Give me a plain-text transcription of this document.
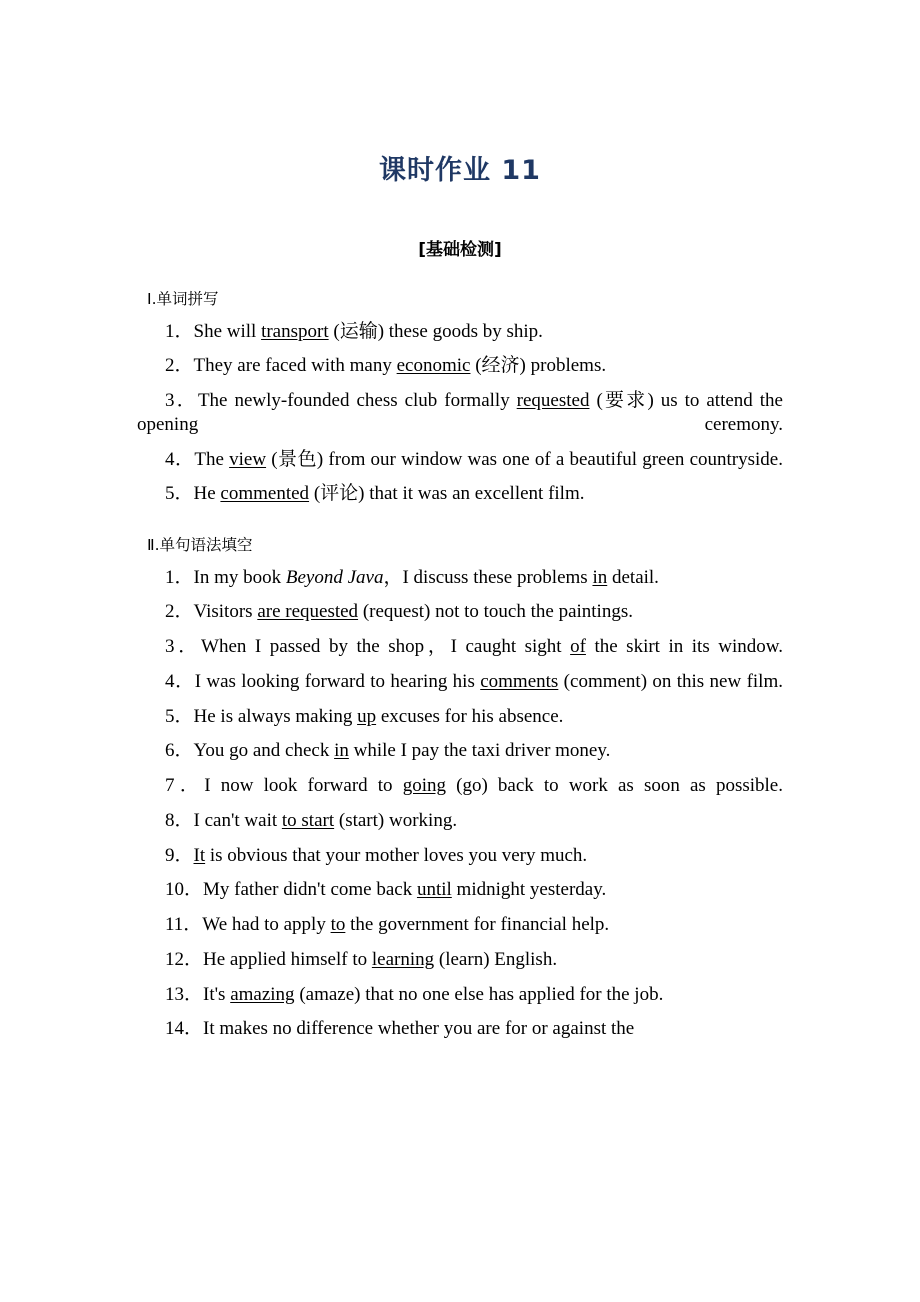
课时作业 11
[基础检测]
Ⅰ.单词拼写
1．She will transport (运输) these goods by ship.
2．They are faced with many economic (经济) problems.
3．The newly-founded chess club formally requested (要求) us to attend the opening ceremony.
4．The view (景色) from our window was one of a beautiful green countryside.
5．He commented (评论) that it was an excellent film.
Ⅱ.单句语法填空
1．In my book Beyond Java，I discuss these problems in detail.
2．Visitors are requested (request) not to touch the paintings.
3．When I passed by the shop，I caught sight of the skirt in its window.
4．I was looking forward to hearing his comments (comment) on this new film.
5．He is always making up excuses for his absence.
6．You go and check in while I pay the taxi driver money.
7．I now look forward to going (go) back to work as soon as possible.
8．I can't wait to start (start) working.
9．It is obvious that your mother loves you very much.
10．My father didn't come back until midnight yesterday.
11．We had to apply to the government for financial help.
12．He applied himself to learning (learn) English.
13．It's amazing (amaze) that no one else has applied for the job.
14．It makes no difference whether you are for or against the
